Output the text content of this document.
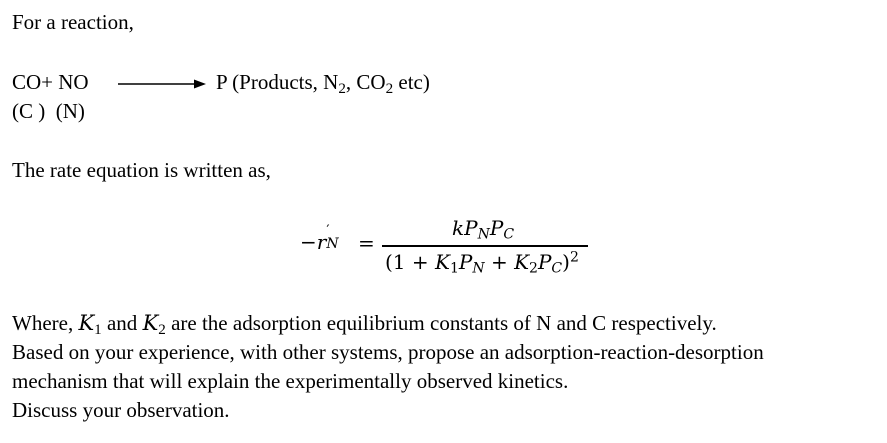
For a reaction,
CO+ NO	P (Products, $N_2$, $CO_2$ etc)
(C )  (N)
The rate equation is written as,
−r ′
N =
$kP_NP_C$
$(1 + K_1P_N + K_2P_C)^2$
Where, $K_1$ and $K_2$ are the adsorption equilibrium constants of N and C respectively.
Based on your experience, with other systems, propose an adsorption-reaction-desorption
mechanism that will explain the experimentally observed kinetics.
Discuss your observation.
